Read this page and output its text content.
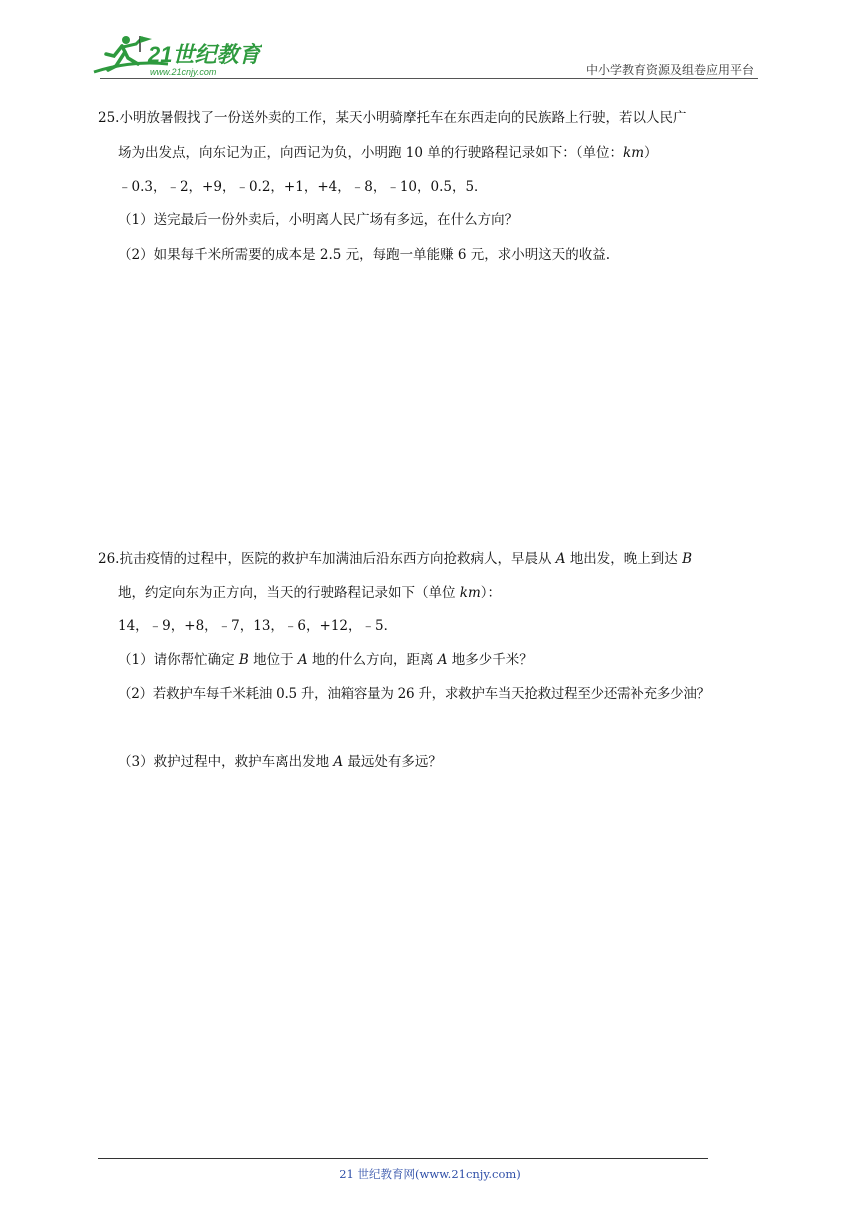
21世纪教育
www.21cnjy.com	中小学教育资源及组卷应用平台
25.小明放暑假找了一份送外卖的工作，某天小明骑摩托车在东西走向的民族路上行驶，若以人民广
场为出发点，向东记为正，向西记为负，小明跑 10 单的行驶路程记录如下：（单位：km）
﹣0.3，﹣2，+9，﹣0.2，+1，+4，﹣8，﹣10，0.5，5．
（1）送完最后一份外卖后，小明离人民广场有多远，在什么方向？
（2）如果每千米所需要的成本是 2.5 元，每跑一单能赚 6 元，求小明这天的收益.
26.抗击疫情的过程中，医院的救护车加满油后沿东西方向抢救病人，早晨从 A 地出发，晚上到达 B
地，约定向东为正方向，当天的行驶路程记录如下（单位 km）：
14，﹣9，+8，﹣7，13，﹣6，+12，﹣5．
（1）请你帮忙确定 B 地位于 A 地的什么方向，距离 A 地多少千米？
（2）若救护车每千米耗油 0.5 升，油箱容量为 26 升，求救护车当天抢救过程至少还需补充多少油？
（3）救护过程中，救护车离出发地 A 最远处有多远？
21 世纪教育网(www.21cnjy.com)
